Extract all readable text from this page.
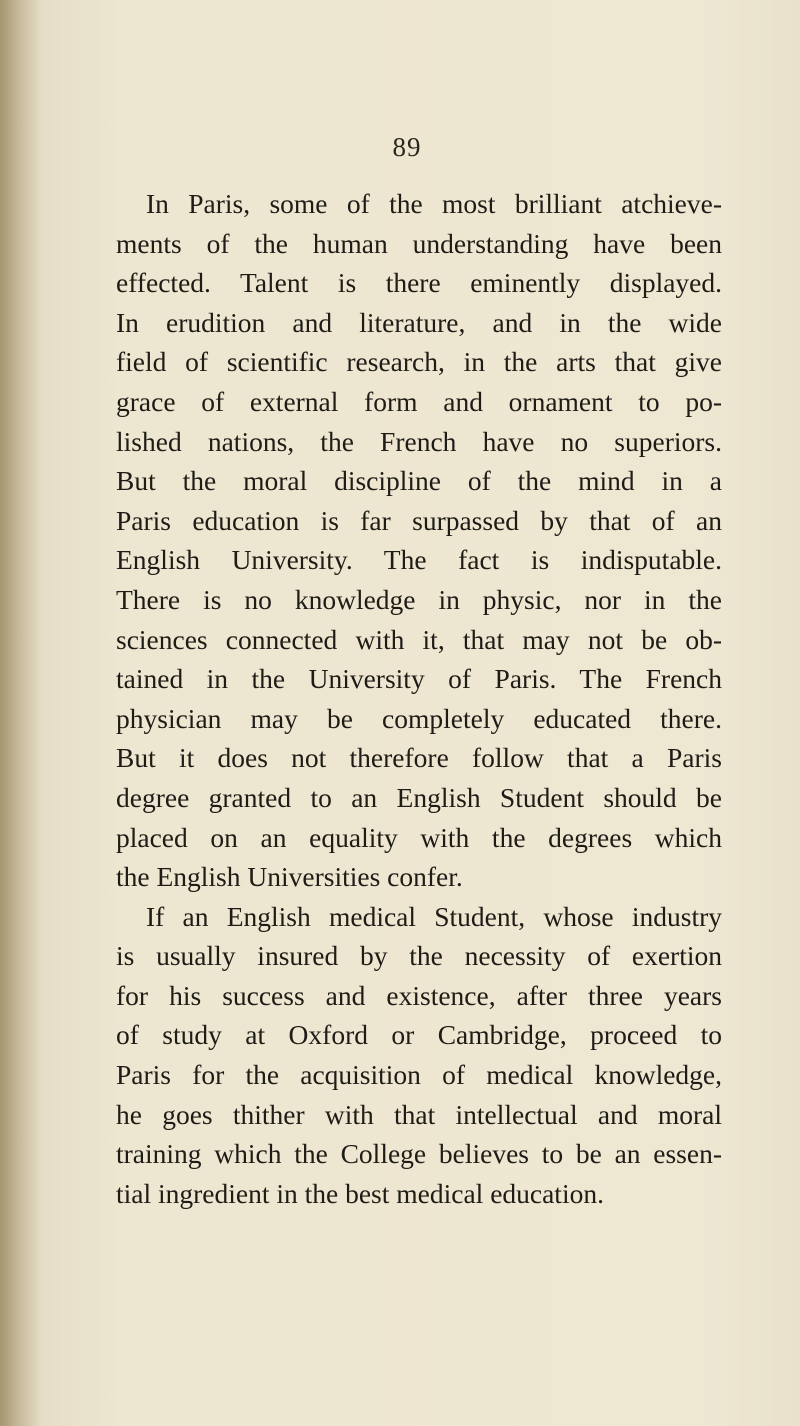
89
In Paris, some of the most brilliant atchieve-
ments of the human understanding have been
effected. Talent is there eminently displayed.
In erudition and literature, and in the wide
field of scientific research, in the arts that give
grace of external form and ornament to po-
lished nations, the French have no superiors.
But the moral discipline of the mind in a
Paris education is far surpassed by that of an
English University. The fact is indisputable.
There is no knowledge in physic, nor in the
sciences connected with it, that may not be ob-
tained in the University of Paris. The French
physician may be completely educated there.
But it does not therefore follow that a Paris
degree granted to an English Student should be
placed on an equality with the degrees which
the English Universities confer.
If an English medical Student, whose industry
is usually insured by the necessity of exertion
for his success and existence, after three years
of study at Oxford or Cambridge, proceed to
Paris for the acquisition of medical knowledge,
he goes thither with that intellectual and moral
training which the College believes to be an essen-
tial ingredient in the best medical education.
